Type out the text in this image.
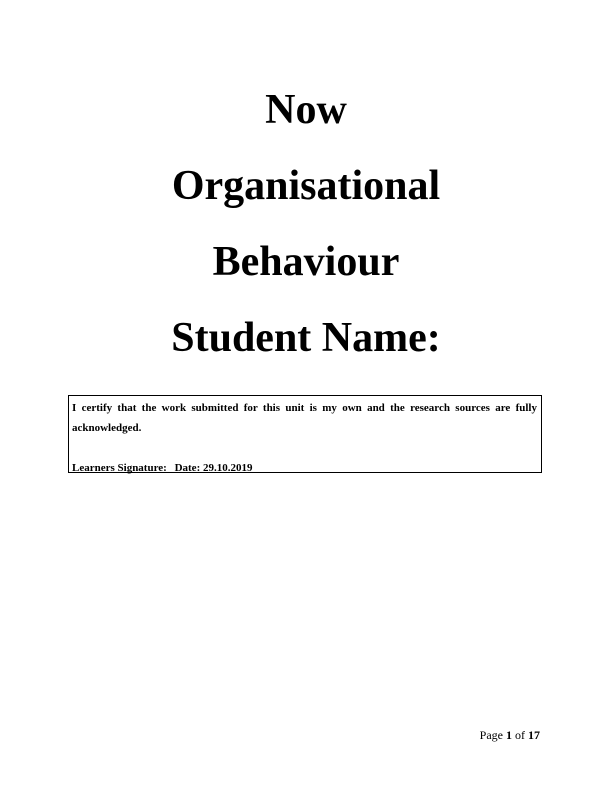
Now

Organisational

Behaviour

Student Name:

I certify that the work submitted for this unit is my own and the research sources are fully acknowledged.

Learners Signature: Date: 29.10.2019

Page 1 of 17
